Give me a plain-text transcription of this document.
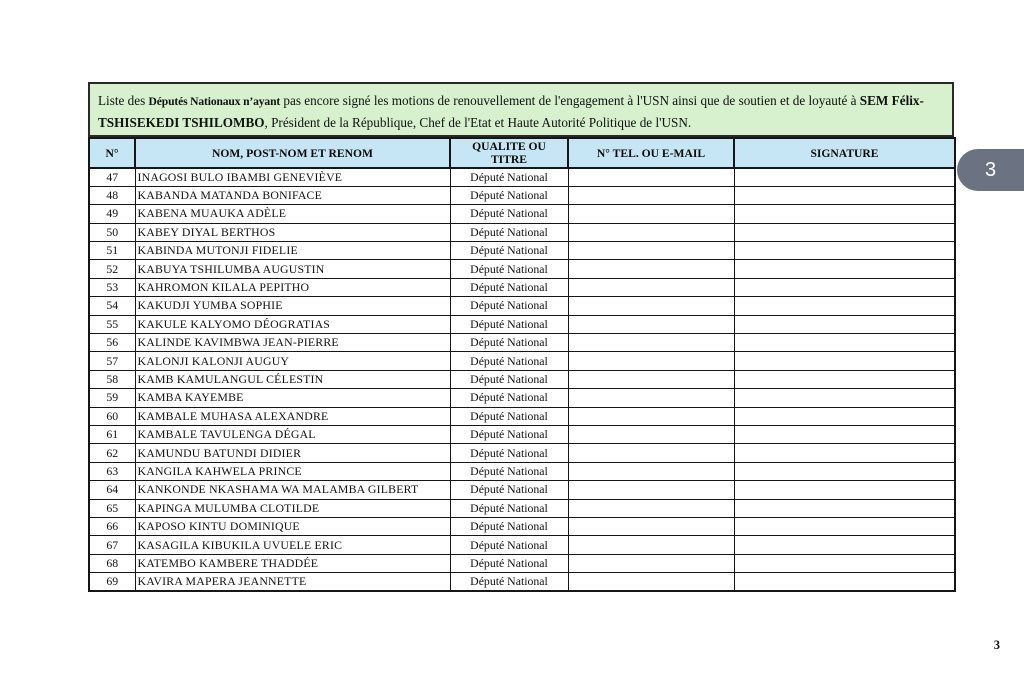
Liste des Députés Nationaux n’ayant pas encore signé les motions de renouvellement de l'engagement à l'USN ainsi que de soutien et de loyauté à SEM Félix-TSHISEKEDI TSHILOMBO, Président de la République, Chef de l'Etat et Haute Autorité Politique de l'USN.
N°	NOM, POST-NOM ET RENOM	QUALITE OU TITRE	N° TEL. OU E-MAIL	SIGNATURE
47	INAGOSI BULO IBAMBI GENEVIÈVE	Député National		
48	KABANDA MATANDA BONIFACE	Député National		
49	KABENA MUAUKA ADÈLE	Député National		
50	KABEY DIYAL BERTHOS	Député National		
51	KABINDA MUTONJI FIDELIE	Député National		
52	KABUYA TSHILUMBA AUGUSTIN	Député National		
53	KAHROMON KILALA PEPITHO	Député National		
54	KAKUDJI YUMBA SOPHIE	Député National		
55	KAKULE KALYOMO DÉOGRATIAS	Député National		
56	KALINDE KAVIMBWA JEAN-PIERRE	Député National		
57	KALONJI KALONJI AUGUY	Député National		
58	KAMB KAMULANGUL CÉLESTIN	Député National		
59	KAMBA KAYEMBE	Député National		
60	KAMBALE MUHASA ALEXANDRE	Député National		
61	KAMBALE TAVULENGA DÉGAL	Député National		
62	KAMUNDU BATUNDI DIDIER	Député National		
63	KANGILA KAHWELA PRINCE	Député National		
64	KANKONDE NKASHAMA WA MALAMBA GILBERT	Député National		
65	KAPINGA MULUMBA CLOTILDE	Député National		
66	KAPOSO KINTU DOMINIQUE	Député National		
67	KASAGILA KIBUKILA UVUELE ERIC	Député National		
68	KATEMBO KAMBERE THADDÉE	Député National		
69	KAVIRA MAPERA JEANNETTE	Député National		
3
3
